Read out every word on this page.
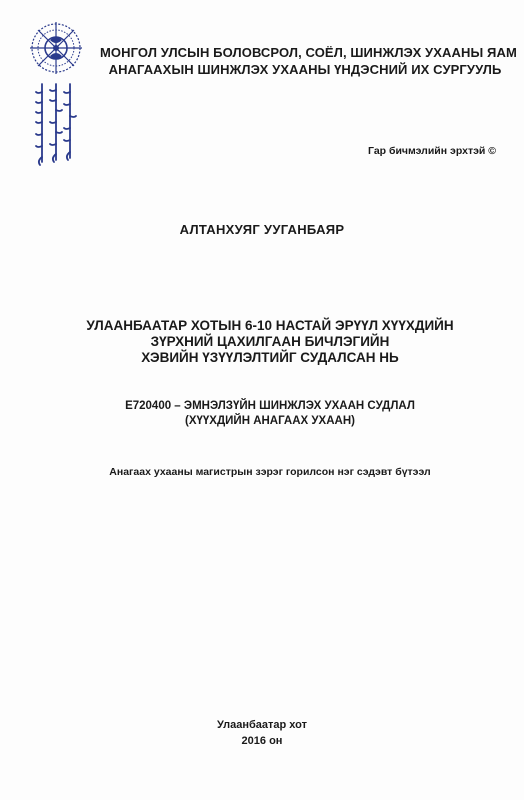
МОНГОЛ УЛСЫН БОЛОВСРОЛ, СОЁЛ, ШИНЖЛЭХ УХААНЫ ЯАМ
АНАГААХЫН ШИНЖЛЭХ УХААНЫ ҮНДЭСНИЙ ИХ СУРГУУЛЬ
Гар бичмэлийн эрхтэй ©
АЛТАНХУЯГ УУГАНБАЯР
УЛААНБААТАР ХОТЫН 6-10 НАСТАЙ ЭРҮҮЛ ХҮҮХДИЙН
ЗҮРХНИЙ ЦАХИЛГААН БИЧЛЭГИЙН
ХЭВИЙН ҮЗҮҮЛЭЛТИЙГ СУДАЛСАН НЬ
E720400 – ЭМНЭЛЗҮЙН ШИНЖЛЭХ УХААН СУДЛАЛ
(ХҮҮХДИЙН АНАГААХ УХААН)
Анагаах ухааны магистрын зэрэг горилсон нэг сэдэвт бүтээл
Улаанбаатар хот
2016 он
